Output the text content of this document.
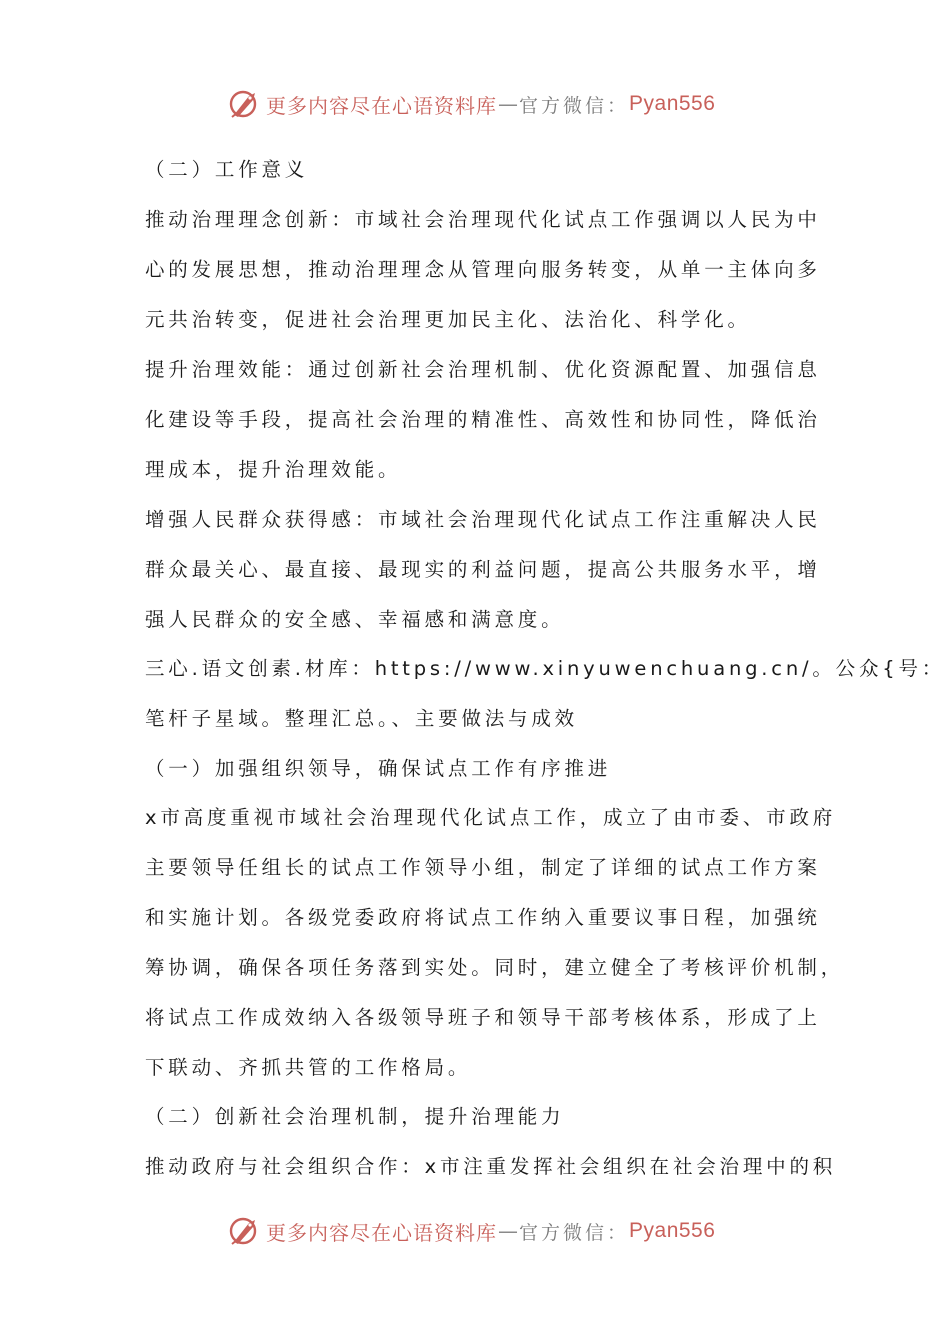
更多内容尽在心语资料库 — 官方微信： Pyan556
（二）工作意义
推动治理理念创新：市域社会治理现代化试点工作强调以人民为中
心的发展思想，推动治理理念从管理向服务转变，从单一主体向多
元共治转变，促进社会治理更加民主化、法治化、科学化。
提升治理效能：通过创新社会治理机制、优化资源配置、加强信息
化建设等手段，提高社会治理的精准性、高效性和协同性，降低治
理成本，提升治理效能。
增强人民群众获得感：市域社会治理现代化试点工作注重解决人民
群众最关心、最直接、最现实的利益问题，提高公共服务水平，增
强人民群众的安全感、幸福感和满意度。
三心.语文创素.材库：https://www.xinyuwenchuang.cn/。公众{号：
笔杆子星域。整理汇总。、主要做法与成效
（一）加强组织领导，确保试点工作有序推进
x市高度重视市域社会治理现代化试点工作，成立了由市委、市政府
主要领导任组长的试点工作领导小组，制定了详细的试点工作方案
和实施计划。各级党委政府将试点工作纳入重要议事日程，加强统
筹协调，确保各项任务落到实处。同时，建立健全了考核评价机制，
将试点工作成效纳入各级领导班子和领导干部考核体系，形成了上
下联动、齐抓共管的工作格局。
（二）创新社会治理机制，提升治理能力
推动政府与社会组织合作：x市注重发挥社会组织在社会治理中的积
更多内容尽在心语资料库 — 官方微信： Pyan556
